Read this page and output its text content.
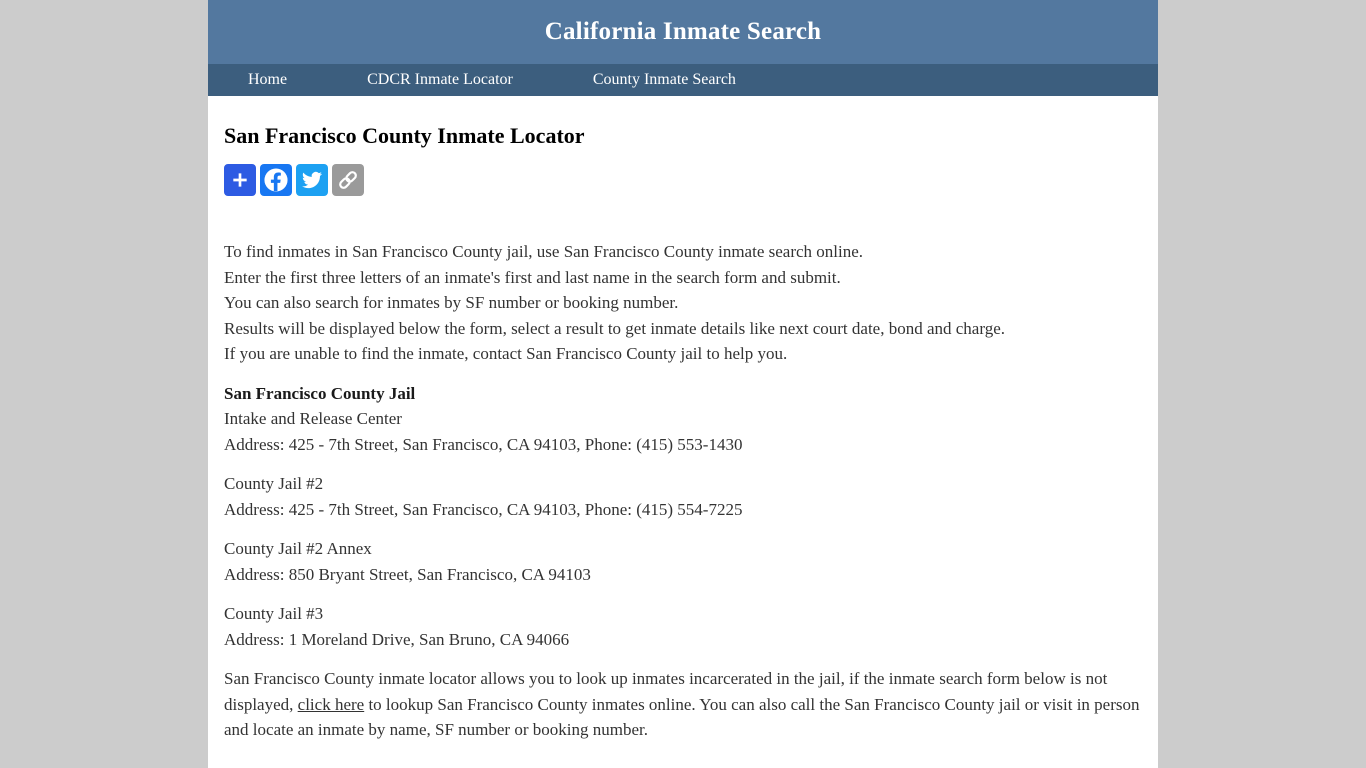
California Inmate Search
Home	CDCR Inmate Locator	County Inmate Search
San Francisco County Inmate Locator

To find inmates in San Francisco County jail, use San Francisco County inmate search online.
Enter the first three letters of an inmate's first and last name in the search form and submit.
You can also search for inmates by SF number or booking number.
Results will be displayed below the form, select a result to get inmate details like next court date, bond and charge.
If you are unable to find the inmate, contact San Francisco County jail to help you.

San Francisco County Jail
Intake and Release Center
Address: 425 - 7th Street, San Francisco, CA 94103, Phone: (415) 553-1430

County Jail #2
Address: 425 - 7th Street, San Francisco, CA 94103, Phone: (415) 554-7225

County Jail #2 Annex
Address: 850 Bryant Street, San Francisco, CA 94103

County Jail #3
Address: 1 Moreland Drive, San Bruno, CA 94066

San Francisco County inmate locator allows you to look up inmates incarcerated in the jail, if the inmate search form below is not displayed, click here to lookup San Francisco County inmates online. You can also call the San Francisco County jail or visit in person and locate an inmate by name, SF number or booking number.
